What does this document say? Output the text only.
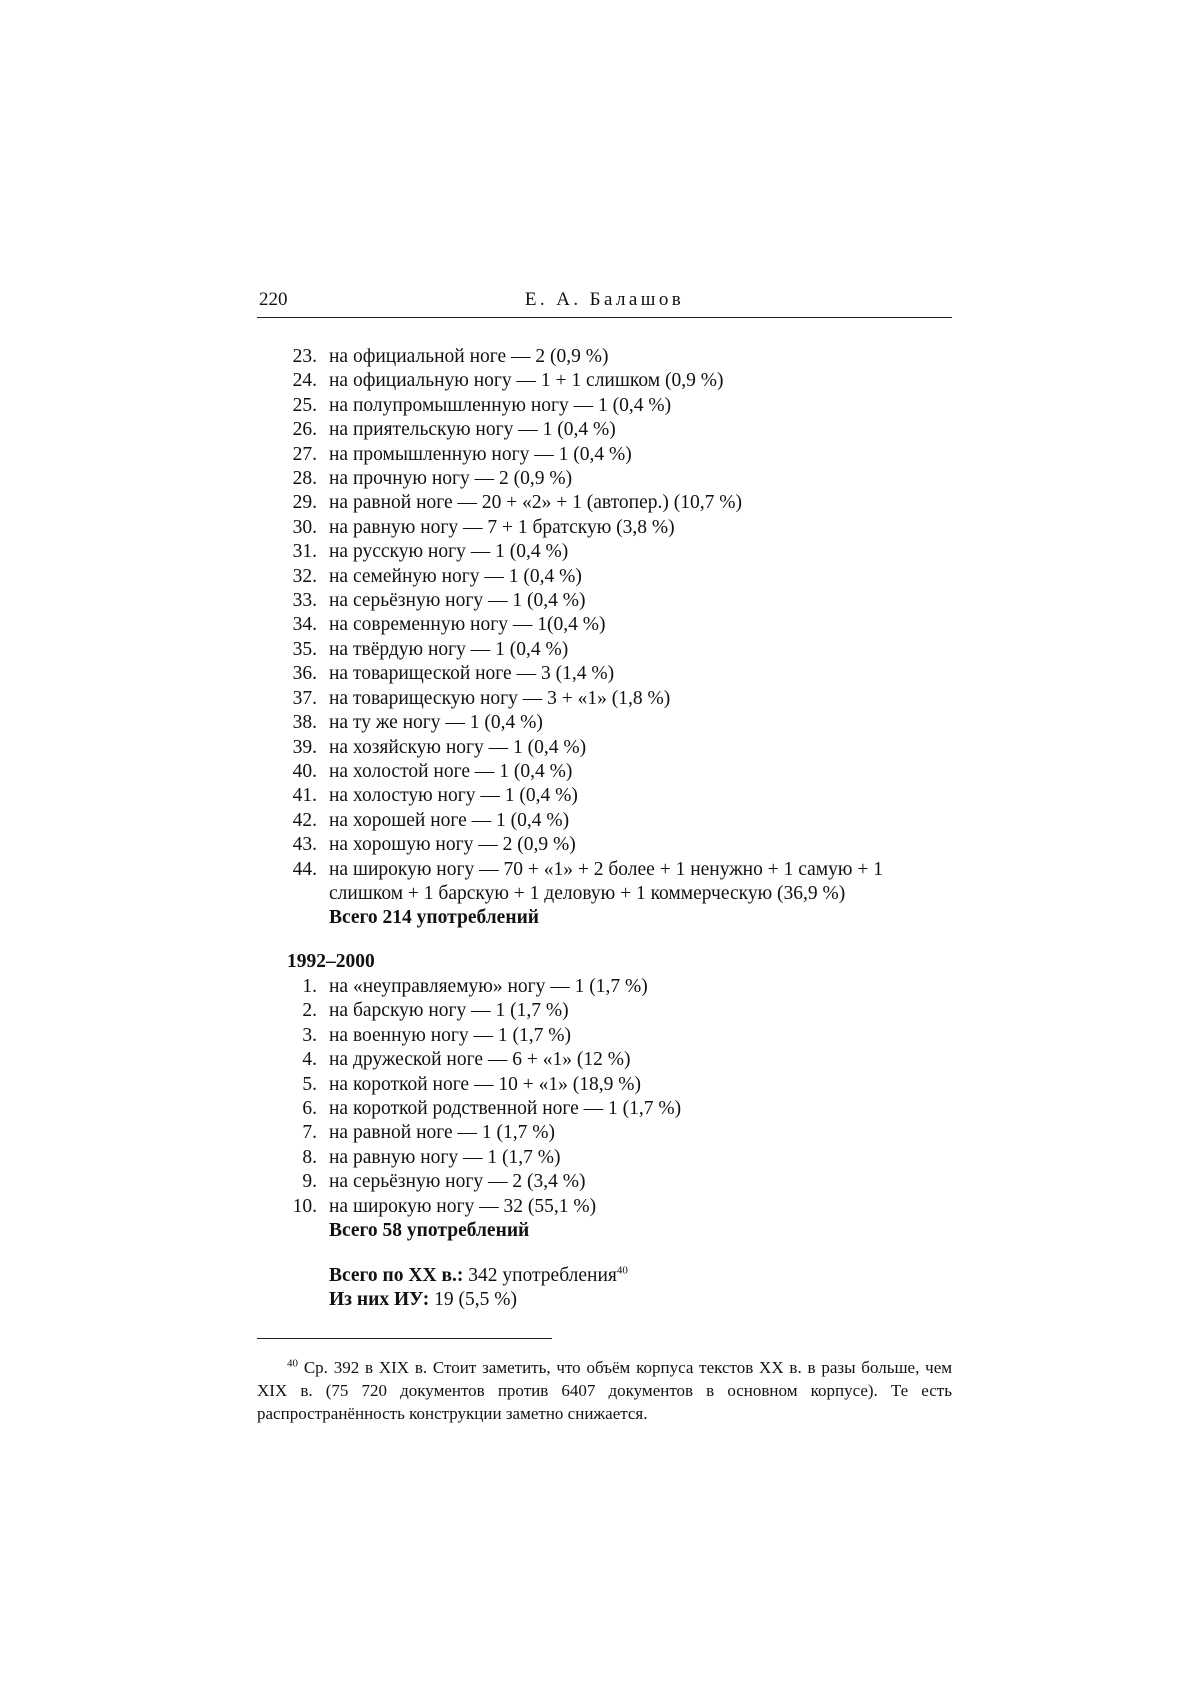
220	Е. А. Балашов
23. на официальной ноге — 2 (0,9 %)
24. на официальную ногу — 1 + 1 слишком (0,9 %)
25. на полупромышленную ногу — 1 (0,4 %)
26. на приятельскую ногу — 1 (0,4 %)
27. на промышленную ногу — 1 (0,4 %)
28. на прочную ногу — 2 (0,9 %)
29. на равной ноге — 20 + «2» + 1 (автопер.) (10,7 %)
30. на равную ногу — 7 + 1 братскую (3,8 %)
31. на русскую ногу — 1 (0,4 %)
32. на семейную ногу — 1 (0,4 %)
33. на серьёзную ногу — 1 (0,4 %)
34. на современную ногу — 1(0,4 %)
35. на твёрдую ногу — 1 (0,4 %)
36. на товарищеской ноге — 3 (1,4 %)
37. на товарищескую ногу — 3 + «1» (1,8 %)
38. на ту же ногу — 1 (0,4 %)
39. на хозяйскую ногу — 1 (0,4 %)
40. на холостой ноге — 1 (0,4 %)
41. на холостую ногу — 1 (0,4 %)
42. на хорошей ноге — 1 (0,4 %)
43. на хорошую ногу — 2 (0,9 %)
44. на широкую ногу — 70 + «1» + 2 более + 1 ненужно + 1 самую + 1 слишком + 1 барскую + 1 деловую + 1 коммерческую (36,9 %)
Всего 214 употреблений
1992–2000
1. на «неуправляемую» ногу — 1 (1,7 %)
2. на барскую ногу — 1 (1,7 %)
3. на военную ногу — 1 (1,7 %)
4. на дружеской ноге — 6 + «1» (12 %)
5. на короткой ноге — 10 + «1» (18,9 %)
6. на короткой родственной ноге — 1 (1,7 %)
7. на равной ноге — 1 (1,7 %)
8. на равную ногу — 1 (1,7 %)
9. на серьёзную ногу — 2 (3,4 %)
10. на широкую ногу — 32 (55,1 %)
Всего 58 употреблений
Всего по XX в.: 342 употребления$^{40}$
Из них ИУ: 19 (5,5 %)
$^{40}$ Ср. 392 в XIX в. Стоит заметить, что объём корпуса текстов XX в. в разы больше, чем XIX в. (75 720 документов против 6407 документов в основном корпусе). Те есть распространённость конструкции заметно снижается.
